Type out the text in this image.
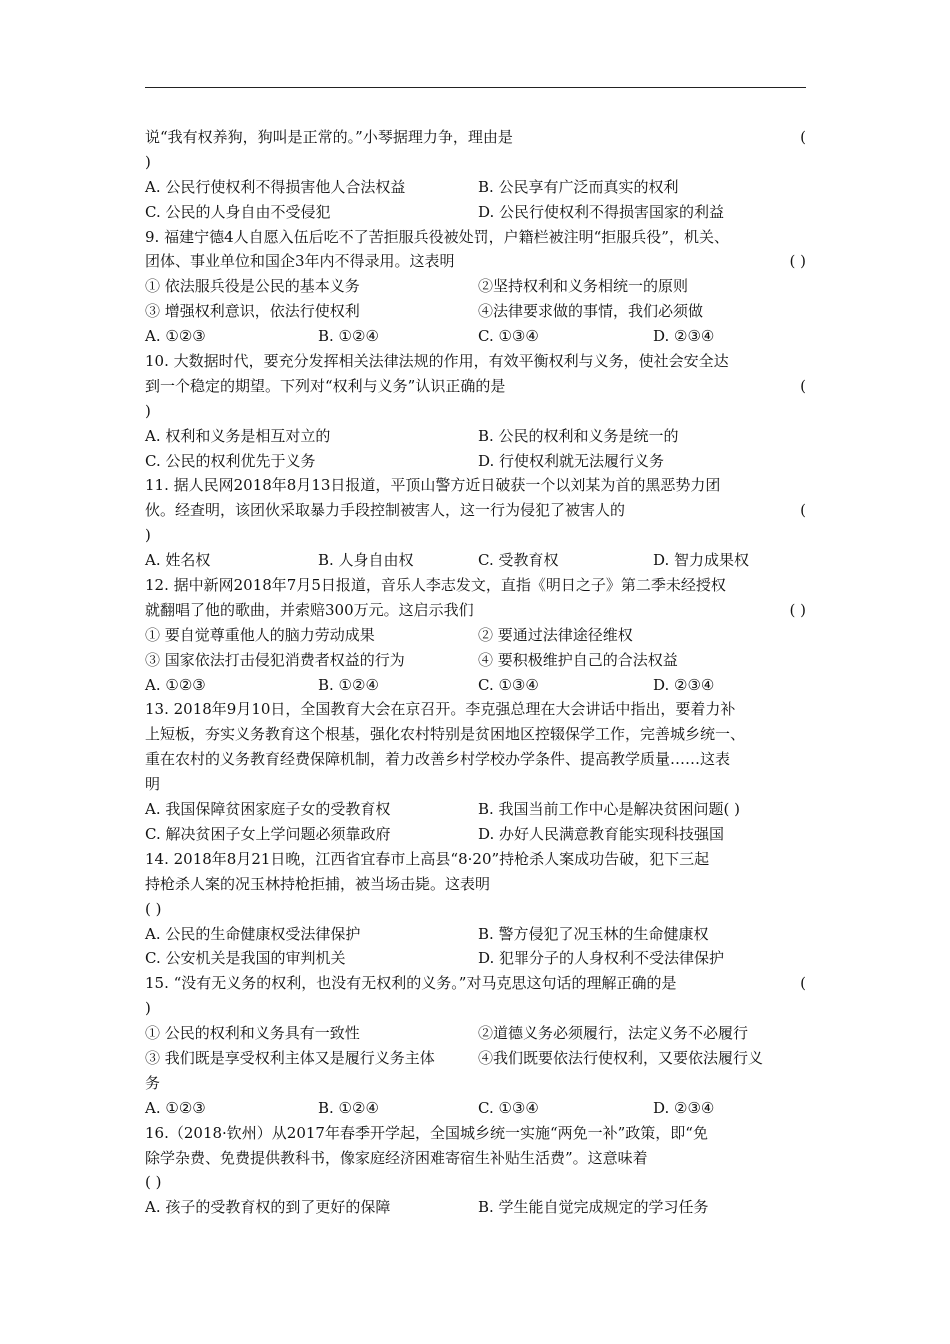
说“我有权养狗，狗叫是正常的。”小琴据理力争，理由是	(
)
A. 公民行使权利不得损害他人合法权益	B. 公民享有广泛而真实的权利
C. 公民的人身自由不受侵犯	D. 公民行使权利不得损害国家的利益
9. 福建宁德4人自愿入伍后吃不了苦拒服兵役被处罚，户籍栏被注明“拒服兵役”，机关、
团体、事业单位和国企3年内不得录用。这表明	( )
① 依法服兵役是公民的基本义务	②坚持权利和义务相统一的原则
③ 增强权利意识，依法行使权利	④法律要求做的事情，我们必须做
A. ①②③	B. ①②④	C. ①③④	D. ②③④
10. 大数据时代，要充分发挥相关法律法规的作用，有效平衡权利与义务，使社会安全达
到一个稳定的期望。下列对“权利与义务”认识正确的是	(
)
A. 权利和义务是相互对立的	B. 公民的权利和义务是统一的
C. 公民的权利优先于义务	D. 行使权利就无法履行义务
11. 据人民网2018年8月13日报道，平顶山警方近日破获一个以刘某为首的黑恶势力团
伙。经查明，该团伙采取暴力手段控制被害人，这一行为侵犯了被害人的	(
)
A. 姓名权	B. 人身自由权	C. 受教育权	D. 智力成果权
12. 据中新网2018年7月5日报道，音乐人李志发文，直指《明日之子》第二季未经授权
就翻唱了他的歌曲，并索赔300万元。这启示我们	( )
① 要自觉尊重他人的脑力劳动成果	② 要通过法律途径维权
③ 国家依法打击侵犯消费者权益的行为	④ 要积极维护自己的合法权益
A. ①②③	B. ①②④	C. ①③④	D. ②③④
13. 2018年9月10日，全国教育大会在京召开。李克强总理在大会讲话中指出，要着力补
上短板，夯实义务教育这个根基，强化农村特别是贫困地区控辍保学工作，完善城乡统一、
重在农村的义务教育经费保障机制，着力改善乡村学校办学条件、提高教学质量……这表
明
A. 我国保障贫困家庭子女的受教育权	B. 我国当前工作中心是解决贫困问题( )
C. 解决贫困子女上学问题必须靠政府	D. 办好人民满意教育能实现科技强国
14. 2018年8月21日晚，江西省宜春市上高县“8·20”持枪杀人案成功告破，犯下三起
持枪杀人案的况玉林持枪拒捕，被当场击毙。这表明
( )
A. 公民的生命健康权受法律保护	B. 警方侵犯了况玉林的生命健康权
C. 公安机关是我国的审判机关	D. 犯罪分子的人身权利不受法律保护
15. “没有无义务的权利，也没有无权利的义务。”对马克思这句话的理解正确的是	(
)
① 公民的权利和义务具有一致性	②道德义务必须履行，法定义务不必履行
③ 我们既是享受权利主体又是履行义务主体	④我们既要依法行使权利，又要依法履行义
务
A. ①②③	B. ①②④	C. ①③④	D. ②③④
16.（2018·钦州）从2017年春季开学起，全国城乡统一实施“两免一补”政策，即“免
除学杂费、免费提供教科书，像家庭经济困难寄宿生补贴生活费”。这意味着
( )
A. 孩子的受教育权的到了更好的保障	B. 学生能自觉完成规定的学习任务
